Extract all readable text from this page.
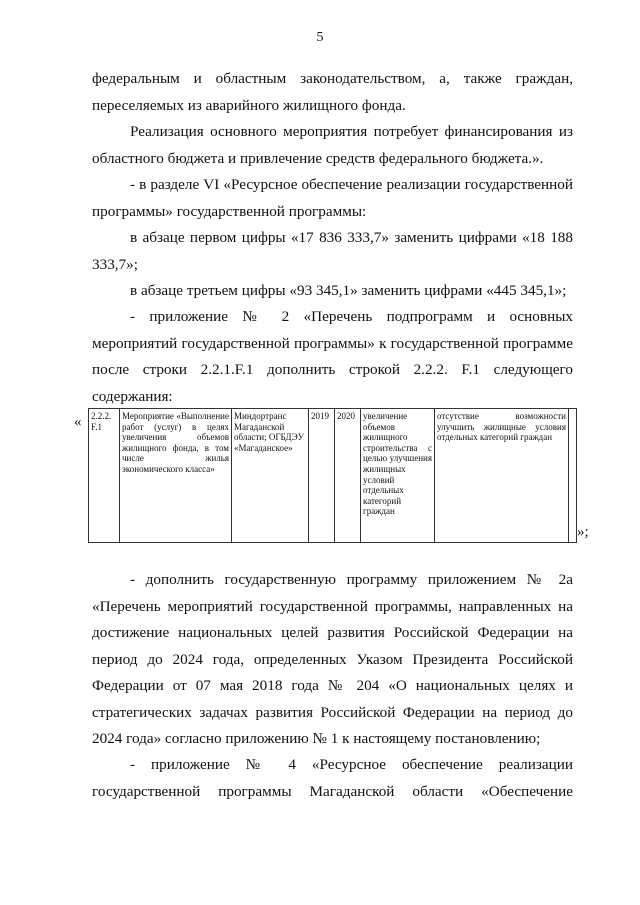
5

федеральным и областным законодательством, а, также граждан, переселяемых из аварийного жилищного фонда.

Реализация основного мероприятия потребует финансирования из областного бюджета и привлечение средств федерального бюджета.».

- в разделе VI «Ресурсное обеспечение реализации государственной программы» государственной программы:

в абзаце первом цифры «17 836 333,7» заменить цифрами «18 188 333,7»;

в абзаце третьем цифры «93 345,1» заменить цифрами «445 345,1»;

- приложение № 2 «Перечень подпрограмм и основных мероприятий государственной программы» к государственной программе после строки 2.2.1.F.1 дополнить строкой 2.2.2. F.1 следующего содержания:

« 2.2.2. F.1	Мероприятие «Выполнение работ (услуг) в целях увеличения объемов жилищного фонда, в том числе жилья экономического класса»	Миндортранс Магаданской области; ОГБДЭУ «Магаданское»	2019	2020	увеличение объемов жилищного строительства с целью улучшения жилищных условий отдельных категорий граждан	отсутствие возможности улучшить жилищные условия отдельных категорий граждан	
»;

- дополнить государственную программу приложением № 2а «Перечень мероприятий государственной программы, направленных на достижение национальных целей развития Российской Федерации на период до 2024 года, определенных Указом Президента Российской Федерации от 07 мая 2018 года № 204 «О национальных целях и стратегических задачах развития Российской Федерации на период до 2024 года» согласно приложению № 1 к настоящему постановлению;

- приложение № 4 «Ресурсное обеспечение реализации государственной программы Магаданской области «Обеспечение
